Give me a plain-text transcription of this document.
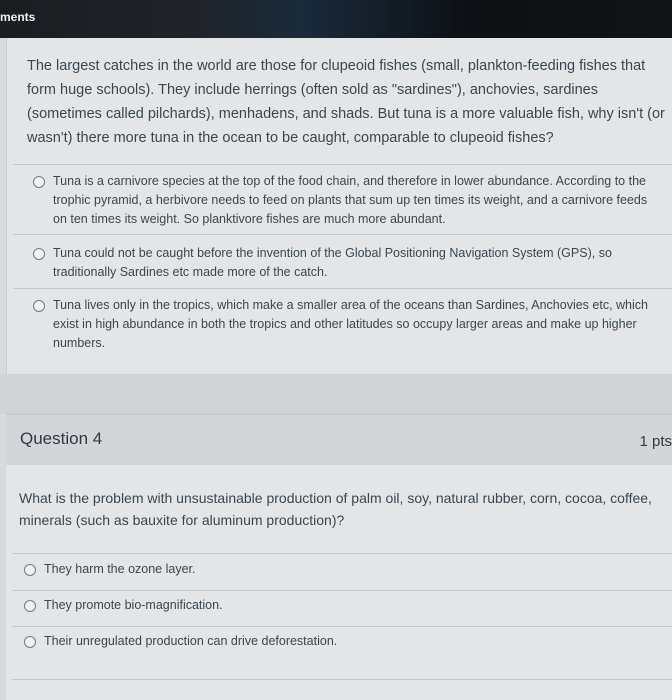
ments
The largest catches in the world are those for clupeoid fishes (small, plankton-feeding fishes that form huge schools). They include herrings (often sold as "sardines"), anchovies, sardines (sometimes called pilchards), menhadens, and shads. But tuna is a more valuable fish, why isn't (or wasn't) there more tuna in the ocean to be caught, comparable to clupeoid fishes?
Tuna is a carnivore species at the top of the food chain, and therefore in lower abundance. According to the trophic pyramid, a herbivore needs to feed on plants that sum up ten times its weight, and a carnivore feeds on ten times its weight. So planktivore fishes are much more abundant.
Tuna could not be caught before the invention of the Global Positioning Navigation System (GPS), so traditionally Sardines etc made more of the catch.
Tuna lives only in the tropics, which make a smaller area of the oceans than Sardines, Anchovies etc, which exist in high abundance in both the tropics and other latitudes so occupy larger areas and make up higher numbers.
Question 4	1 pts
What is the problem with unsustainable production of palm oil, soy, natural rubber, corn, cocoa, coffee, minerals (such as bauxite for aluminum production)?
They harm the ozone layer.
They promote bio-magnification.
Their unregulated production can drive deforestation.
